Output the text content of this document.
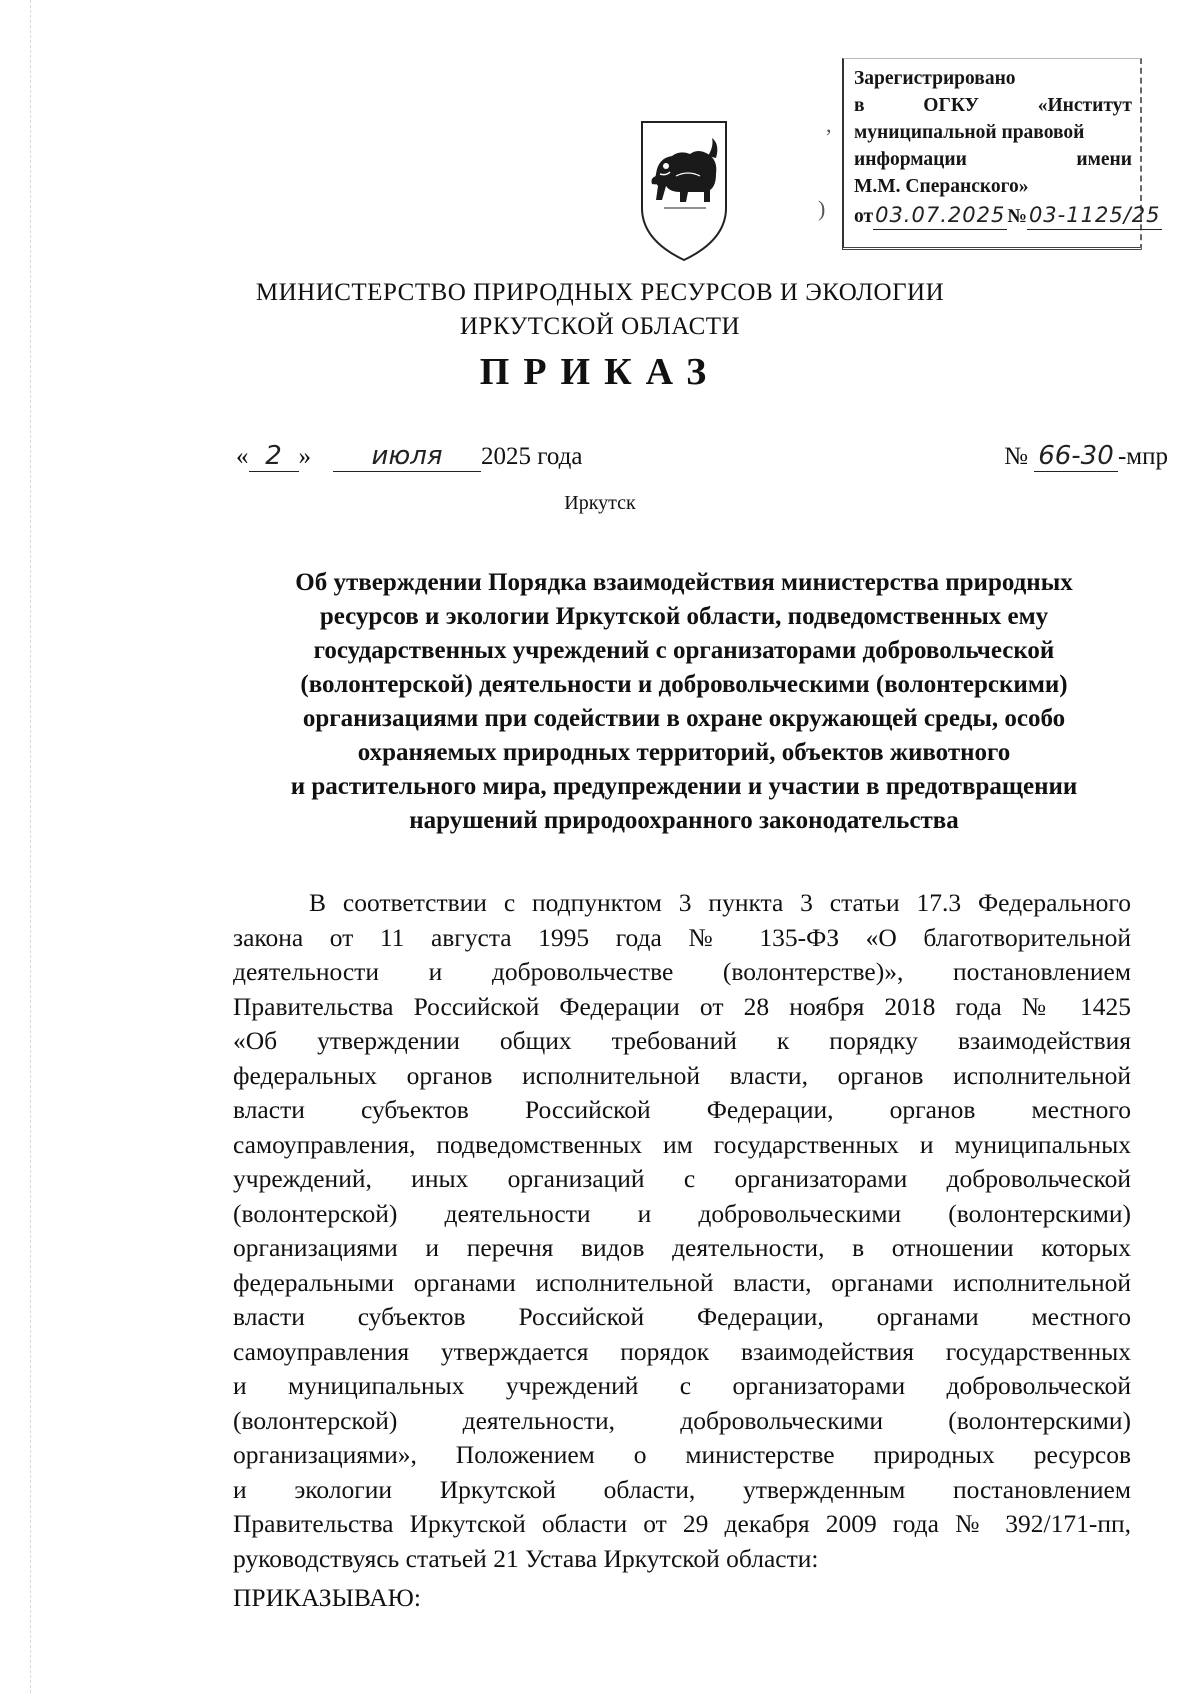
,
)
Зарегистрировано
в	ОГКУ	«Институт
муниципальной правовой
информации	имени
М.М. Сперанского»
от 03.07.2025 № 03-1125/25
МИНИСТЕРСТВО ПРИРОДНЫХ РЕСУРСОВ И ЭКОЛОГИИ
ИРКУТСКОЙ ОБЛАСТИ
ПРИКАЗ
« 2 »	июля	2025 года	№ 66-30 -мпр
Иркутск
Об утверждении Порядка взаимодействия министерства природных
ресурсов и экологии Иркутской области, подведомственных ему
государственных учреждений с организаторами добровольческой
(волонтерской) деятельности и добровольческими (волонтерскими)
организациями при содействии в охране окружающей среды, особо
охраняемых природных территорий, объектов животного
и растительного мира, предупреждении и участии в предотвращении
нарушений природоохранного законодательства
В соответствии с подпунктом 3 пункта 3 статьи 17.3 Федерального
закона от 11 августа 1995 года № 135-ФЗ «О благотворительной
деятельности и добровольчестве (волонтерстве)», постановлением
Правительства Российской Федерации от 28 ноября 2018 года № 1425
«Об утверждении общих требований к порядку взаимодействия
федеральных органов исполнительной власти, органов исполнительной
власти субъектов Российской Федерации, органов местного
самоуправления, подведомственных им государственных и муниципальных
учреждений, иных организаций с организаторами добровольческой
(волонтерской) деятельности и добровольческими (волонтерскими)
организациями и перечня видов деятельности, в отношении которых
федеральными органами исполнительной власти, органами исполнительной
власти субъектов Российской Федерации, органами местного
самоуправления утверждается порядок взаимодействия государственных
и муниципальных учреждений с организаторами добровольческой
(волонтерской) деятельности, добровольческими (волонтерскими)
организациями», Положением о министерстве природных ресурсов
и экологии Иркутской области, утвержденным постановлением
Правительства Иркутской области от 29 декабря 2009 года № 392/171-пп,
руководствуясь статьей 21 Устава Иркутской области:
ПРИКАЗЫВАЮ:
